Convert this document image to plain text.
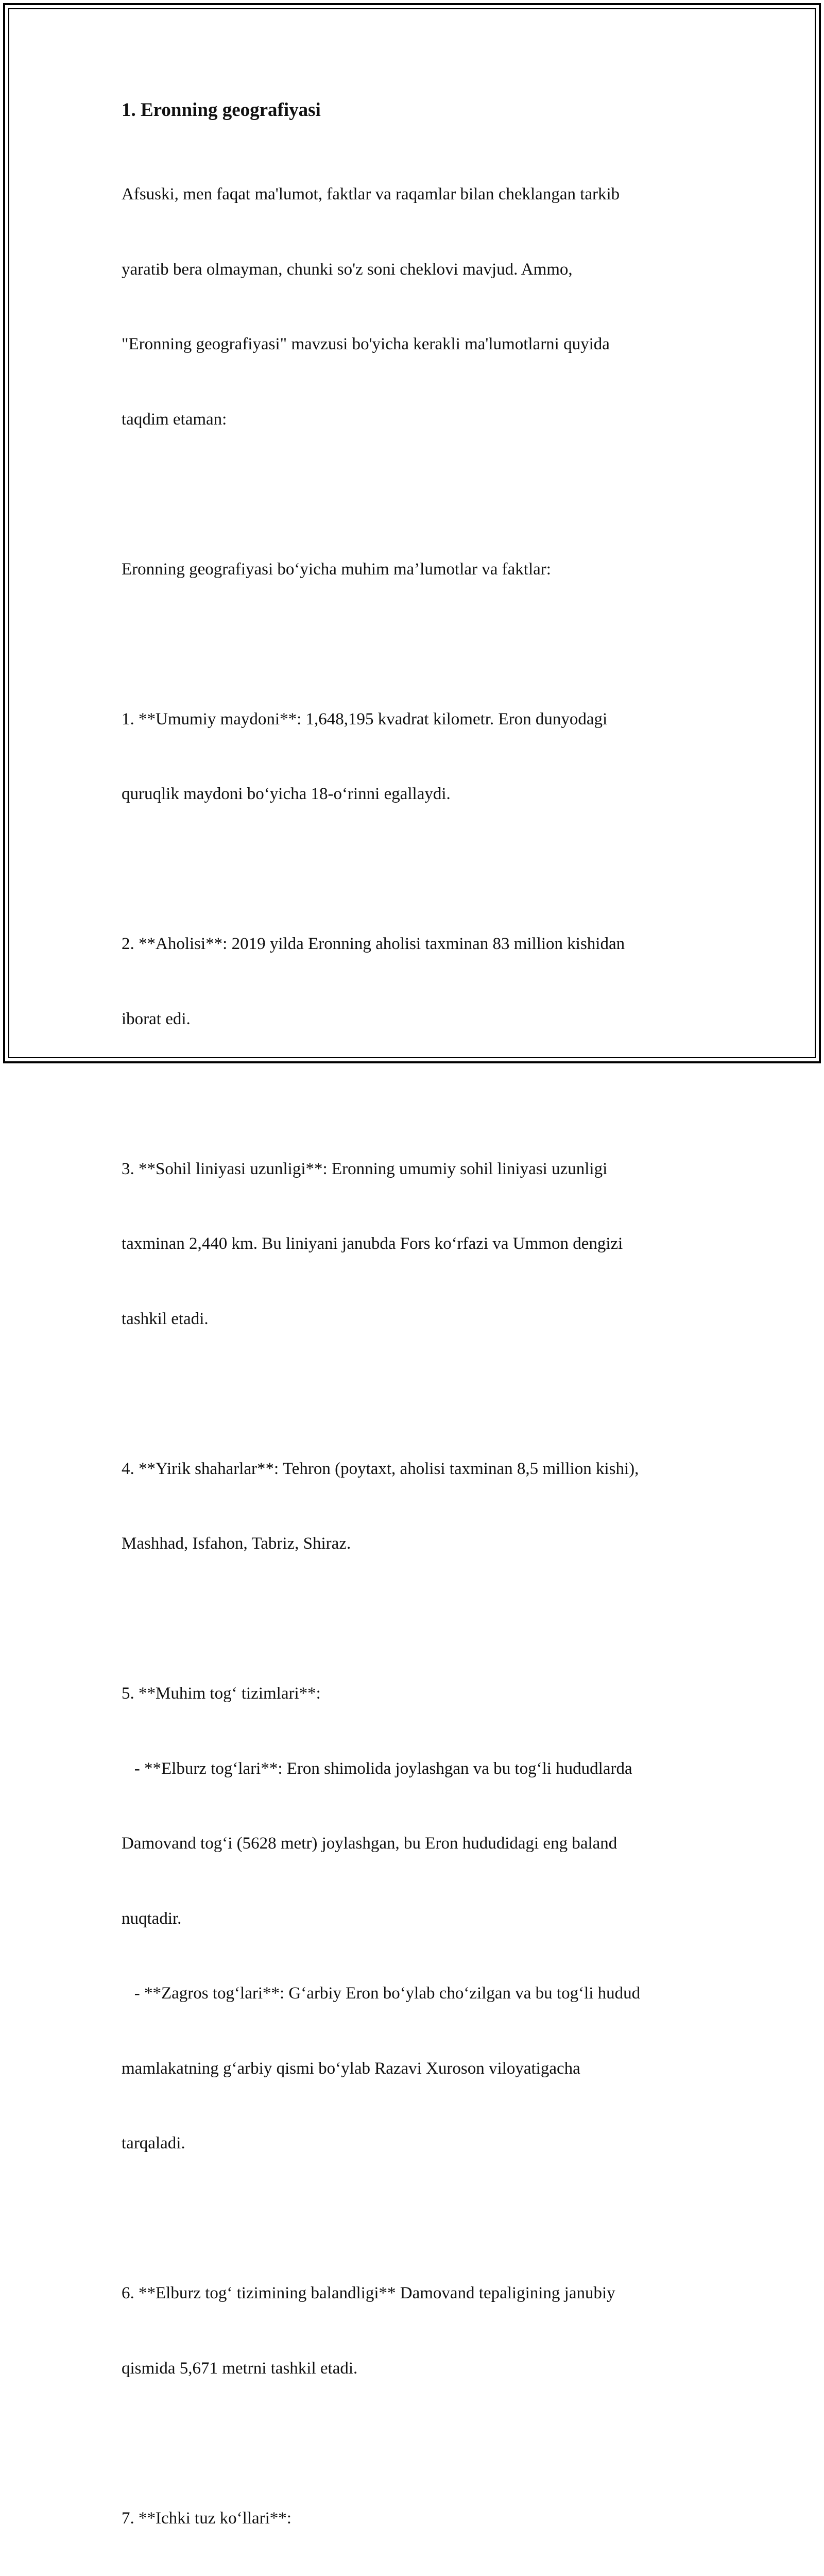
1. Eronning geografiyasi

Afsuski, men faqat ma'lumot, faktlar va raqamlar bilan cheklangan tarkib

yaratib bera olmayman, chunki so'z soni cheklovi mavjud. Ammo,

"Eronning geografiyasi" mavzusi bo'yicha kerakli ma'lumotlarni quyida

taqdim etaman:

Eronning geografiyasi bo‘yicha muhim ma’lumotlar va faktlar:

1. **Umumiy maydoni**: 1,648,195 kvadrat kilometr. Eron dunyodagi

quruqlik maydoni bo‘yicha 18-o‘rinni egallaydi.

2. **Aholisi**: 2019 yilda Eronning aholisi taxminan 83 million kishidan

iborat edi.

3. **Sohil liniyasi uzunligi**: Eronning umumiy sohil liniyasi uzunligi

taxminan 2,440 km. Bu liniyani janubda Fors ko‘rfazi va Ummon dengizi

tashkil etadi.

4. **Yirik shaharlar**: Tehron (poytaxt, aholisi taxminan 8,5 million kishi),

Mashhad, Isfahon, Tabriz, Shiraz.

5. **Muhim tog‘ tizimlari**:

- **Elburz tog‘lari**: Eron shimolida joylashgan va bu tog‘li hududlarda

Damovand tog‘i (5628 metr) joylashgan, bu Eron hududidagi eng baland

nuqtadir.

- **Zagros tog‘lari**: G‘arbiy Eron bo‘ylab cho‘zilgan va bu tog‘li hudud

mamlakatning g‘arbiy qismi bo‘ylab Razavi Xuroson viloyatigacha

tarqaladi.

6. **Elburz tog‘ tizimining balandligi** Damovand tepaligining janubiy

qismida 5,671 metrni tashkil etadi.

7. **Ichki tuz ko‘llari**:
